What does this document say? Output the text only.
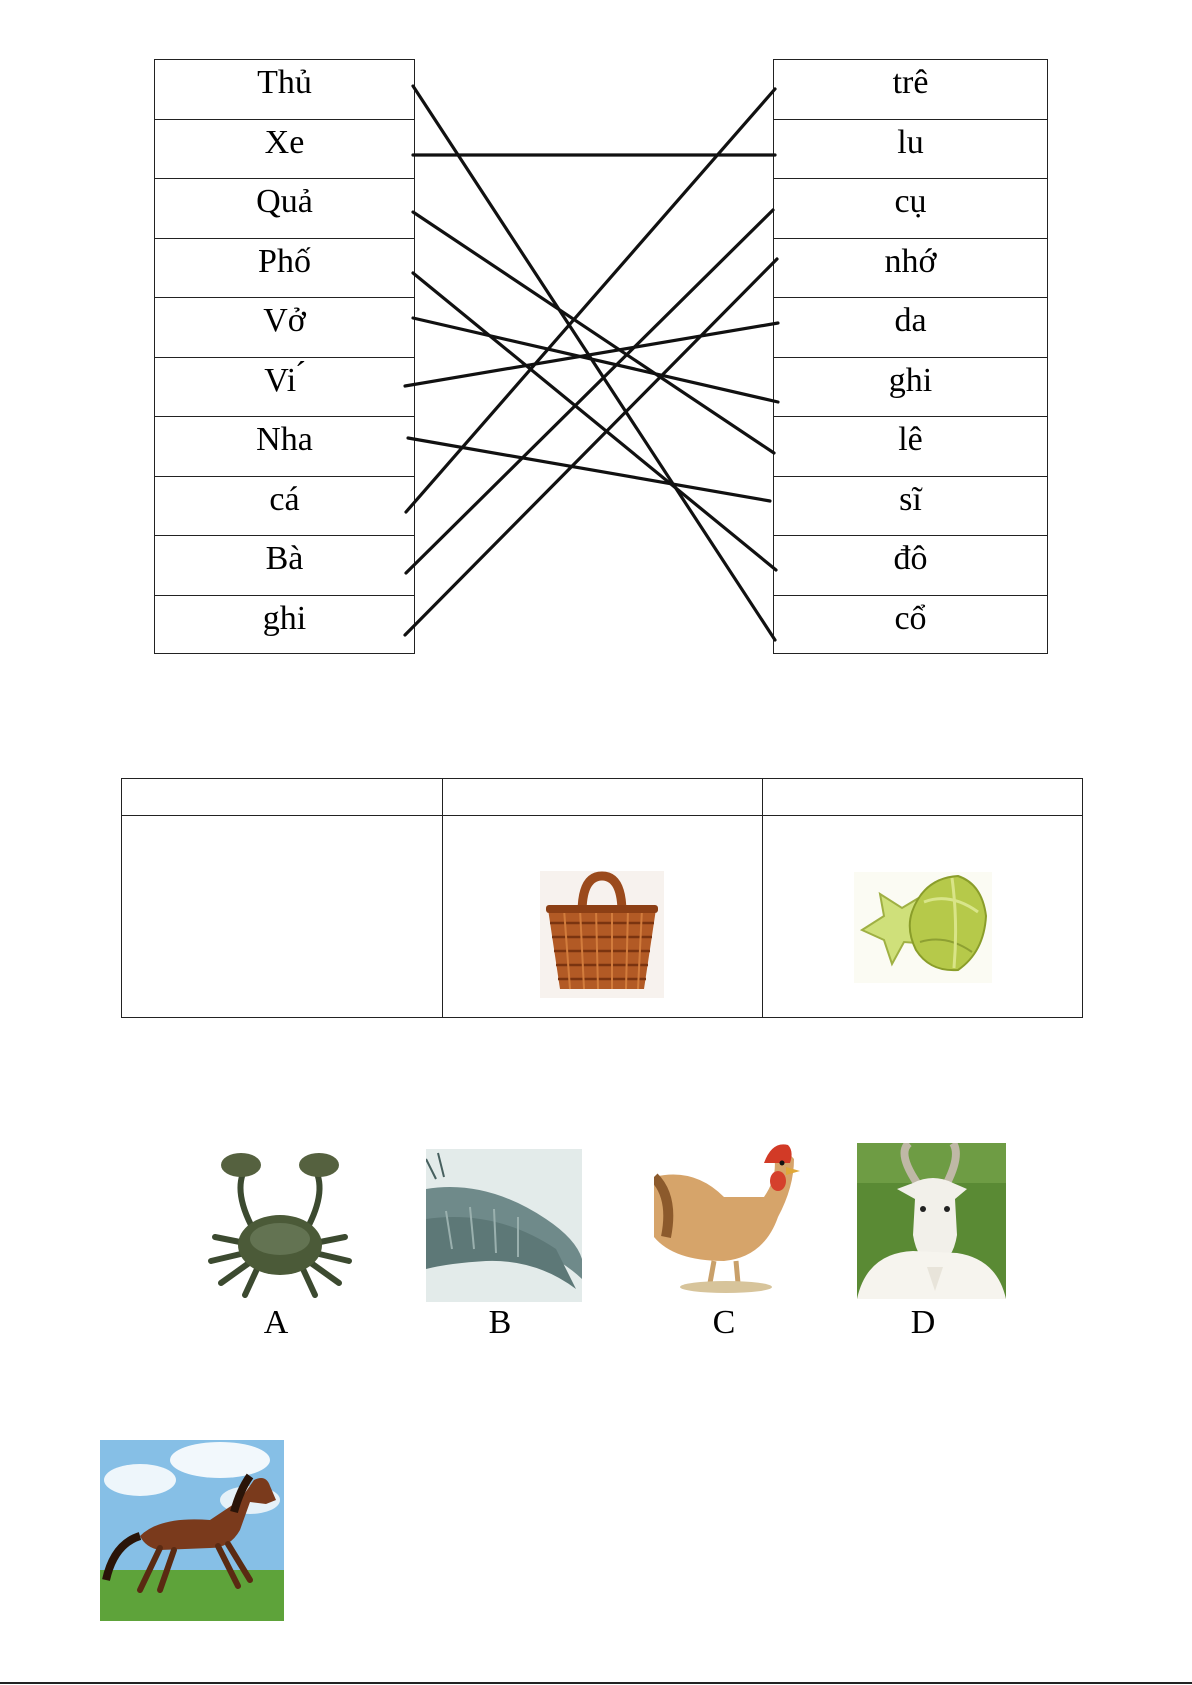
Thủ
Xe
Quả
Phố
Vở
Vi ́
Nha
cá
Bà
ghi
trê
lu
cụ
nhớ
da
ghi
lê
sĩ
đô
cổ
A	B	C	D
